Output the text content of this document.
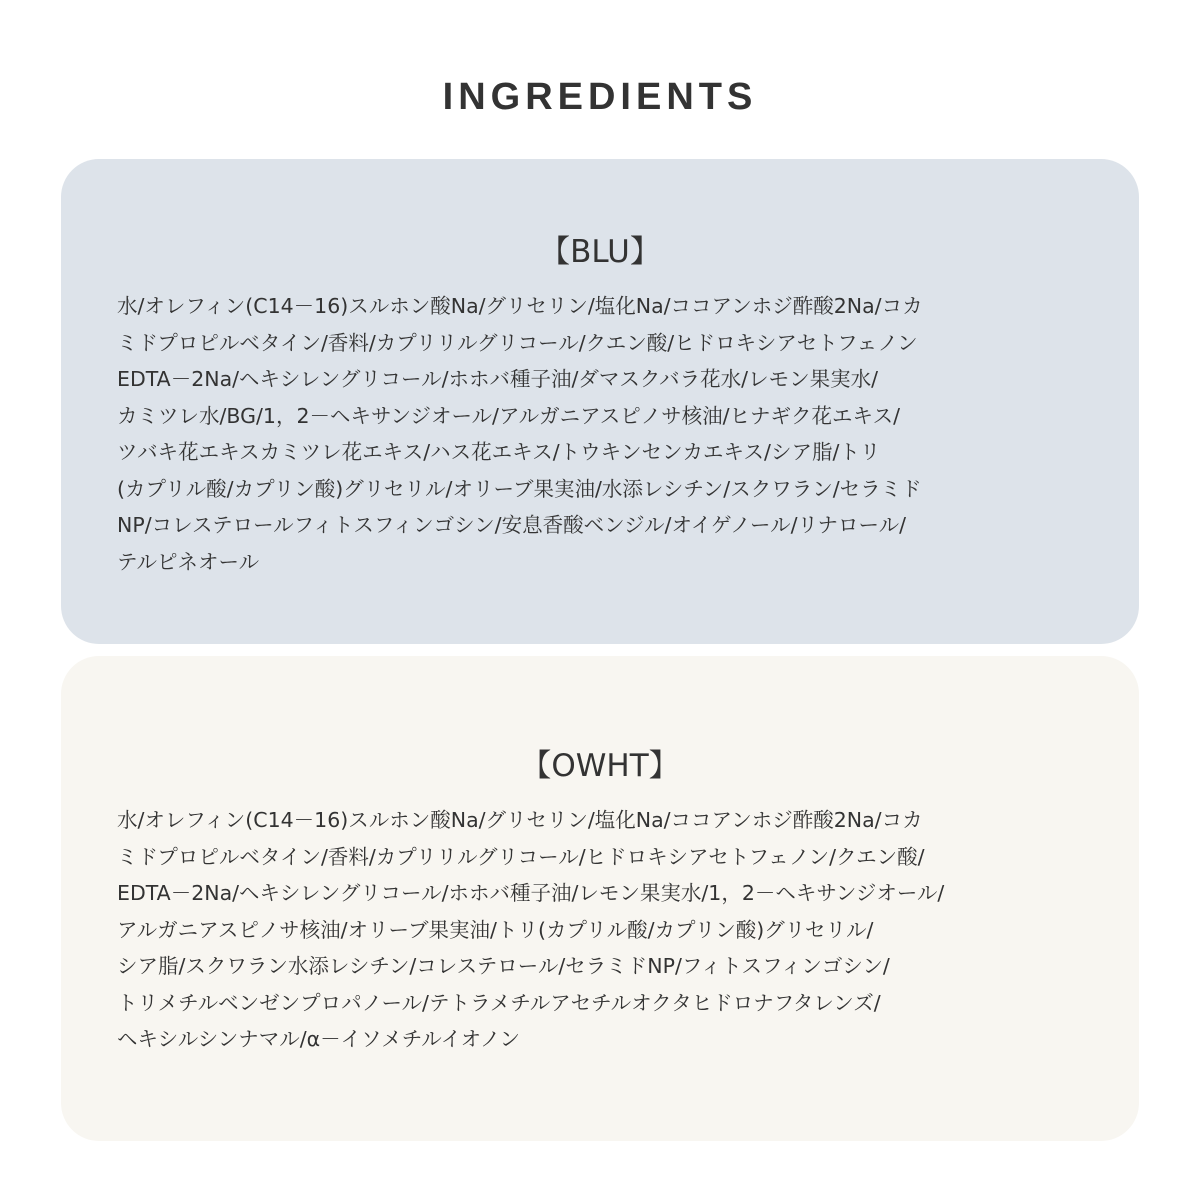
INGREDIENTS
【BLU】
水/オレフィン(C14－16)スルホン酸Na/グリセリン/塩化Na/ココアンホジ酢酸2Na/コカ
ミドプロピルベタイン/香料/カプリリルグリコール/クエン酸/ヒドロキシアセトフェノン
EDTA－2Na/ヘキシレングリコール/ホホバ種子油/ダマスクバラ花水/レモン果実水/
カミツレ水/BG/1，2－ヘキサンジオール/アルガニアスピノサ核油/ヒナギク花エキス/
ツバキ花エキスカミツレ花エキス/ハス花エキス/トウキンセンカエキス/シア脂/トリ
(カプリル酸/カプリン酸)グリセリル/オリーブ果実油/水添レシチン/スクワラン/セラミド
NP/コレステロールフィトスフィンゴシン/安息香酸ベンジル/オイゲノール/リナロール/
テルピネオール
【OWHT】
水/オレフィン(C14－16)スルホン酸Na/グリセリン/塩化Na/ココアンホジ酢酸2Na/コカ
ミドプロピルベタイン/香料/カプリリルグリコール/ヒドロキシアセトフェノン/クエン酸/
EDTA－2Na/ヘキシレングリコール/ホホバ種子油/レモン果実水/1，2－ヘキサンジオール/
アルガニアスピノサ核油/オリーブ果実油/トリ(カプリル酸/カプリン酸)グリセリル/
シア脂/スクワラン水添レシチン/コレステロール/セラミドNP/フィトスフィンゴシン/
トリメチルベンゼンプロパノール/テトラメチルアセチルオクタヒドロナフタレンズ/
ヘキシルシンナマル/α－イソメチルイオノン
